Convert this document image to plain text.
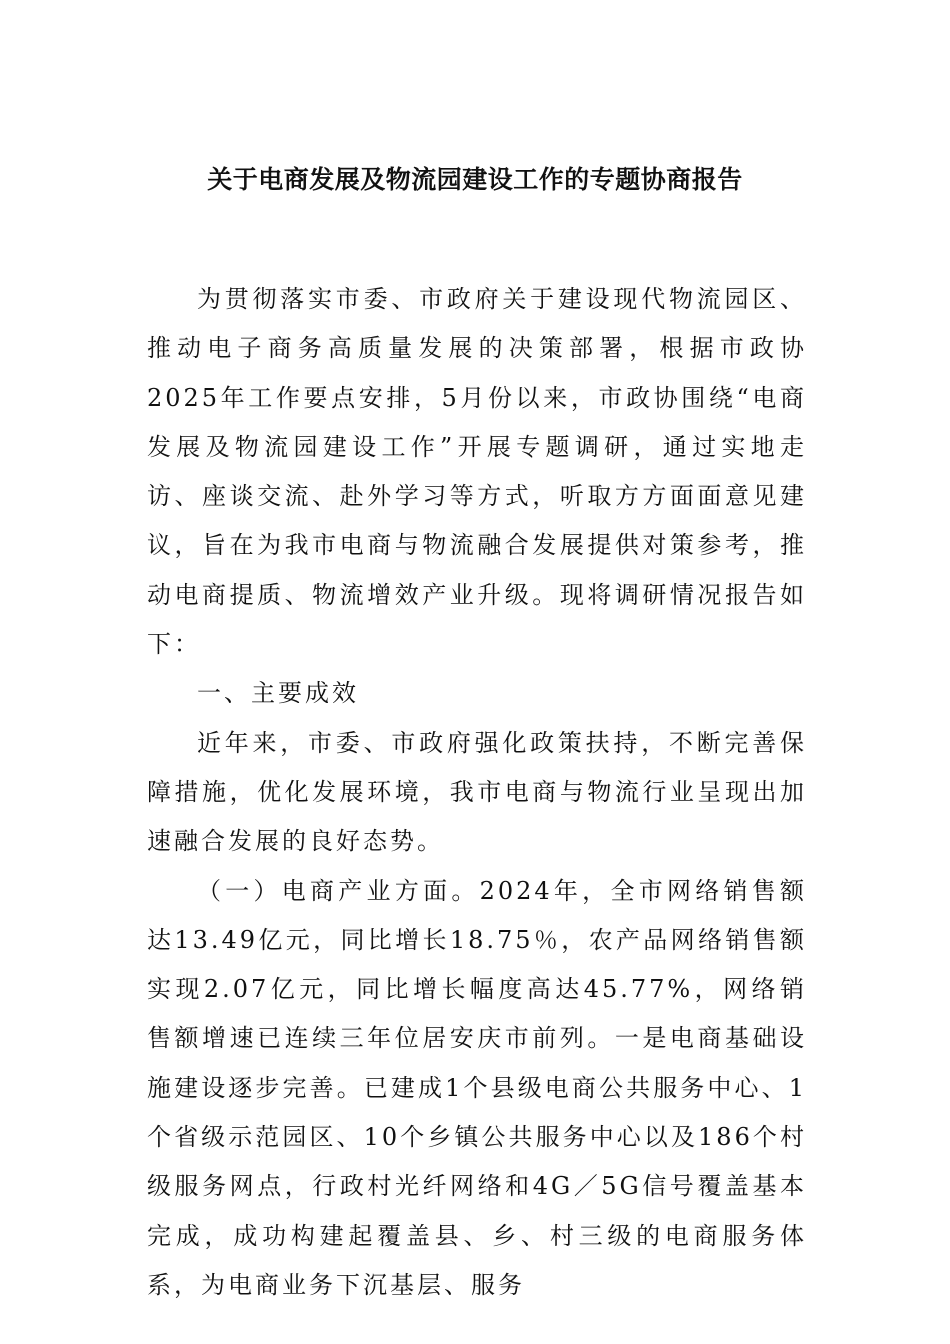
关于电商发展及物流园建设工作的专题协商报告

为贯彻落实市委、市政府关于建设现代物流园区、推动电子商务高质量发展的决策部署，根据市政协2025年工作要点安排，5月份以来，市政协围绕“电商发展及物流园建设工作”开展专题调研，通过实地走访、座谈交流、赴外学习等方式，听取方方面面意见建议，旨在为我市电商与物流融合发展提供对策参考，推动电商提质、物流增效产业升级。现将调研情况报告如下：

一、主要成效

近年来，市委、市政府强化政策扶持，不断完善保障措施，优化发展环境，我市电商与物流行业呈现出加速融合发展的良好态势。

（一）电商产业方面。2024年，全市网络销售额达13.49亿元，同比增长18.75％，农产品网络销售额实现2.07亿元，同比增长幅度高达45.77%，网络销售额增速已连续三年位居安庆市前列。一是电商基础设施建设逐步完善。已建成1个县级电商公共服务中心、1个省级示范园区、10个乡镇公共服务中心以及186个村级服务网点，行政村光纤网络和4G／5G信号覆盖基本完成，成功构建起覆盖县、乡、村三级的电商服务体系，为电商业务下沉基层、服务
